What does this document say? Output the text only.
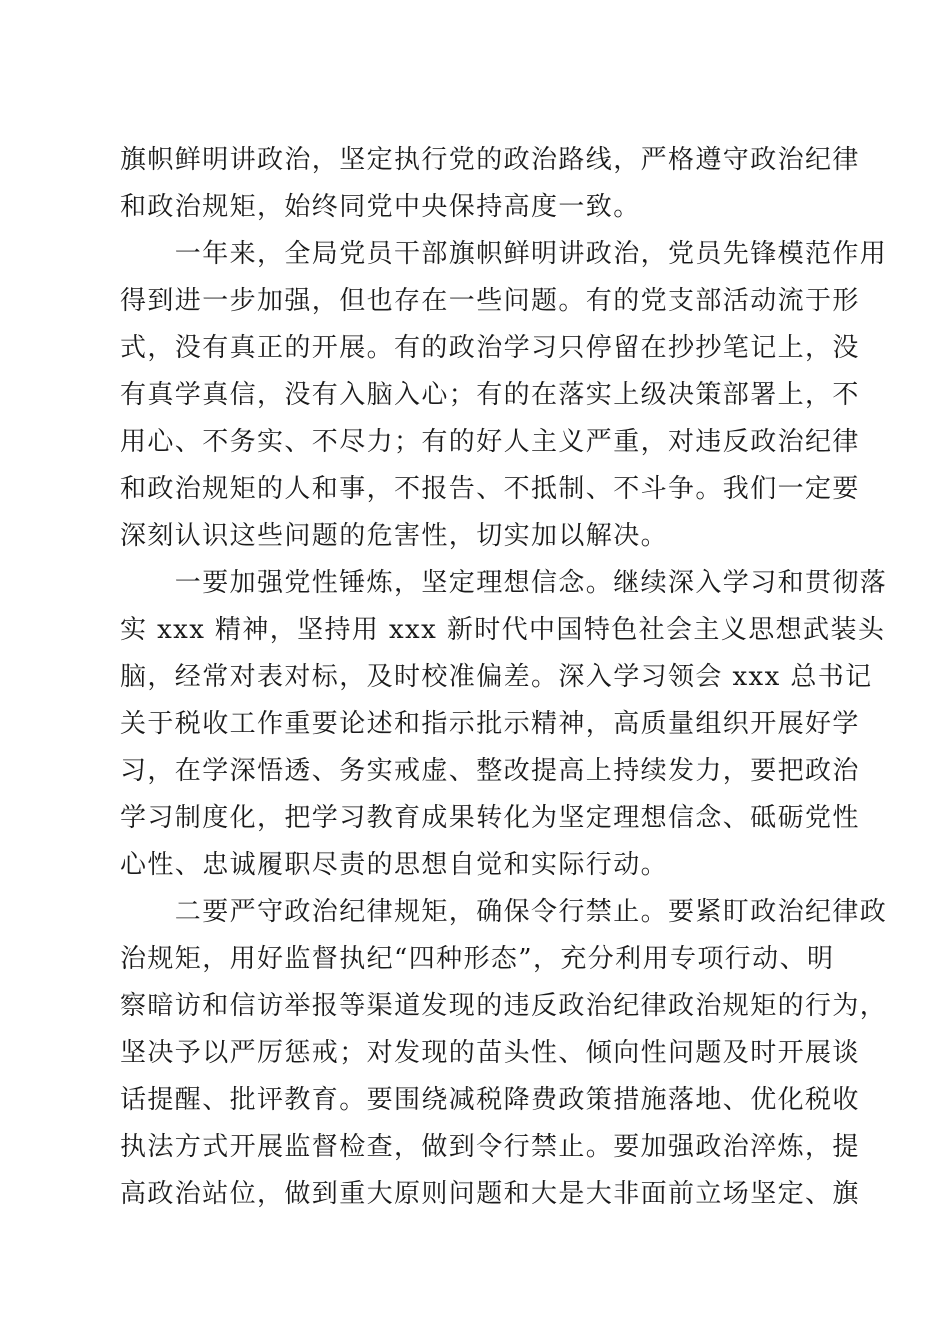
旗帜鲜明讲政治，坚定执行党的政治路线，严格遵守政治纪律
和政治规矩，始终同党中央保持高度一致。
　　一年来，全局党员干部旗帜鲜明讲政治，党员先锋模范作用
得到进一步加强，但也存在一些问题。有的党支部活动流于形
式，没有真正的开展。有的政治学习只停留在抄抄笔记上，没
有真学真信，没有入脑入心；有的在落实上级决策部署上，不
用心、不务实、不尽力；有的好人主义严重，对违反政治纪律
和政治规矩的人和事，不报告、不抵制、不斗争。我们一定要
深刻认识这些问题的危害性，切实加以解决。
　　一要加强党性锤炼，坚定理想信念。继续深入学习和贯彻落
实 xxx 精神，坚持用 xxx 新时代中国特色社会主义思想武装头
脑，经常对表对标，及时校准偏差。深入学习领会 xxx 总书记
关于税收工作重要论述和指示批示精神，高质量组织开展好学
习，在学深悟透、务实戒虚、整改提高上持续发力，要把政治
学习制度化，把学习教育成果转化为坚定理想信念、砥砺党性
心性、忠诚履职尽责的思想自觉和实际行动。
　　二要严守政治纪律规矩，确保令行禁止。要紧盯政治纪律政
治规矩，用好监督执纪“四种形态”，充分利用专项行动、明
察暗访和信访举报等渠道发现的违反政治纪律政治规矩的行为，
坚决予以严厉惩戒；对发现的苗头性、倾向性问题及时开展谈
话提醒、批评教育。要围绕减税降费政策措施落地、优化税收
执法方式开展监督检查，做到令行禁止。要加强政治淬炼，提
高政治站位，做到重大原则问题和大是大非面前立场坚定、旗
